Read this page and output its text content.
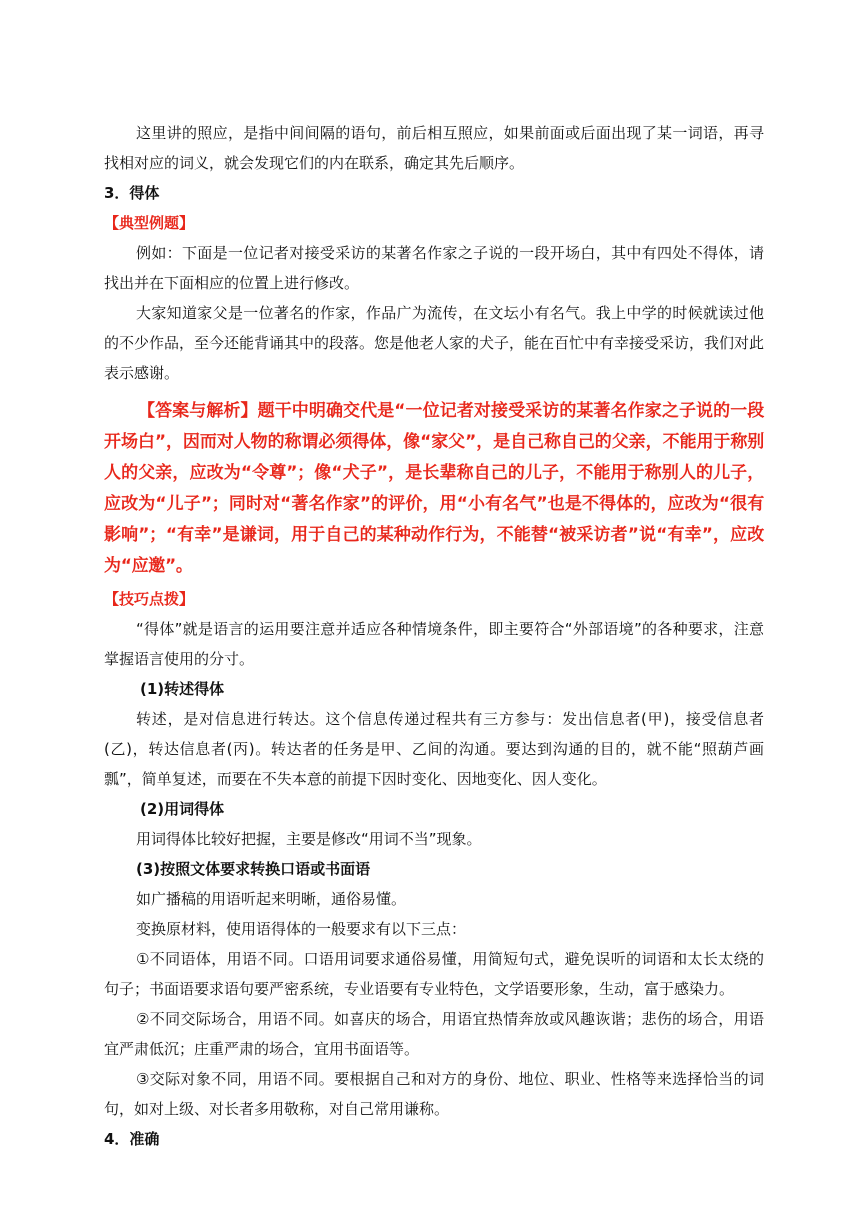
这里讲的照应，是指中间间隔的语句，前后相互照应，如果前面或后面出现了某一词语，再寻找相对应的词义，就会发现它们的内在联系，确定其先后顺序。

3．得体

【典型例题】

例如：下面是一位记者对接受采访的某著名作家之子说的一段开场白，其中有四处不得体，请找出并在下面相应的位置上进行修改。

大家知道家父是一位著名的作家，作品广为流传，在文坛小有名气。我上中学的时候就读过他的不少作品，至今还能背诵其中的段落。您是他老人家的犬子，能在百忙中有幸接受采访，我们对此表示感谢。

【答案与解析】题干中明确交代是“一位记者对接受采访的某著名作家之子说的一段开场白”，因而对人物的称谓必须得体，像“家父”，是自己称自己的父亲，不能用于称别人的父亲，应改为“令尊”；像“犬子”，是长辈称自己的儿子，不能用于称别人的儿子，应改为“儿子”；同时对“著名作家”的评价，用“小有名气”也是不得体的，应改为“很有影响”；“有幸”是谦词，用于自己的某种动作行为，不能替“被采访者”说“有幸”，应改为“应邀”。

【技巧点拨】

“得体”就是语言的运用要注意并适应各种情境条件，即主要符合“外部语境”的各种要求，注意掌握语言使用的分寸。

(1)转述得体

转述，是对信息进行转达。这个信息传递过程共有三方参与：发出信息者(甲)，接受信息者(乙)，转达信息者(丙)。转达者的任务是甲、乙间的沟通。要达到沟通的目的，就不能“照葫芦画瓢”，简单复述，而要在不失本意的前提下因时变化、因地变化、因人变化。

(2)用词得体

用词得体比较好把握，主要是修改“用词不当”现象。

(3)按照文体要求转换口语或书面语

如广播稿的用语听起来明晰，通俗易懂。

变换原材料，使用语得体的一般要求有以下三点：

①不同语体，用语不同。口语用词要求通俗易懂，用简短句式，避免误听的词语和太长太绕的句子；书面语要求语句要严密系统，专业语要有专业特色，文学语要形象，生动，富于感染力。

②不同交际场合，用语不同。如喜庆的场合，用语宜热情奔放或风趣诙谐；悲伤的场合，用语宜严肃低沉；庄重严肃的场合，宜用书面语等。

③交际对象不同，用语不同。要根据自己和对方的身份、地位、职业、性格等来选择恰当的词句，如对上级、对长者多用敬称，对自己常用谦称。

4．准确
